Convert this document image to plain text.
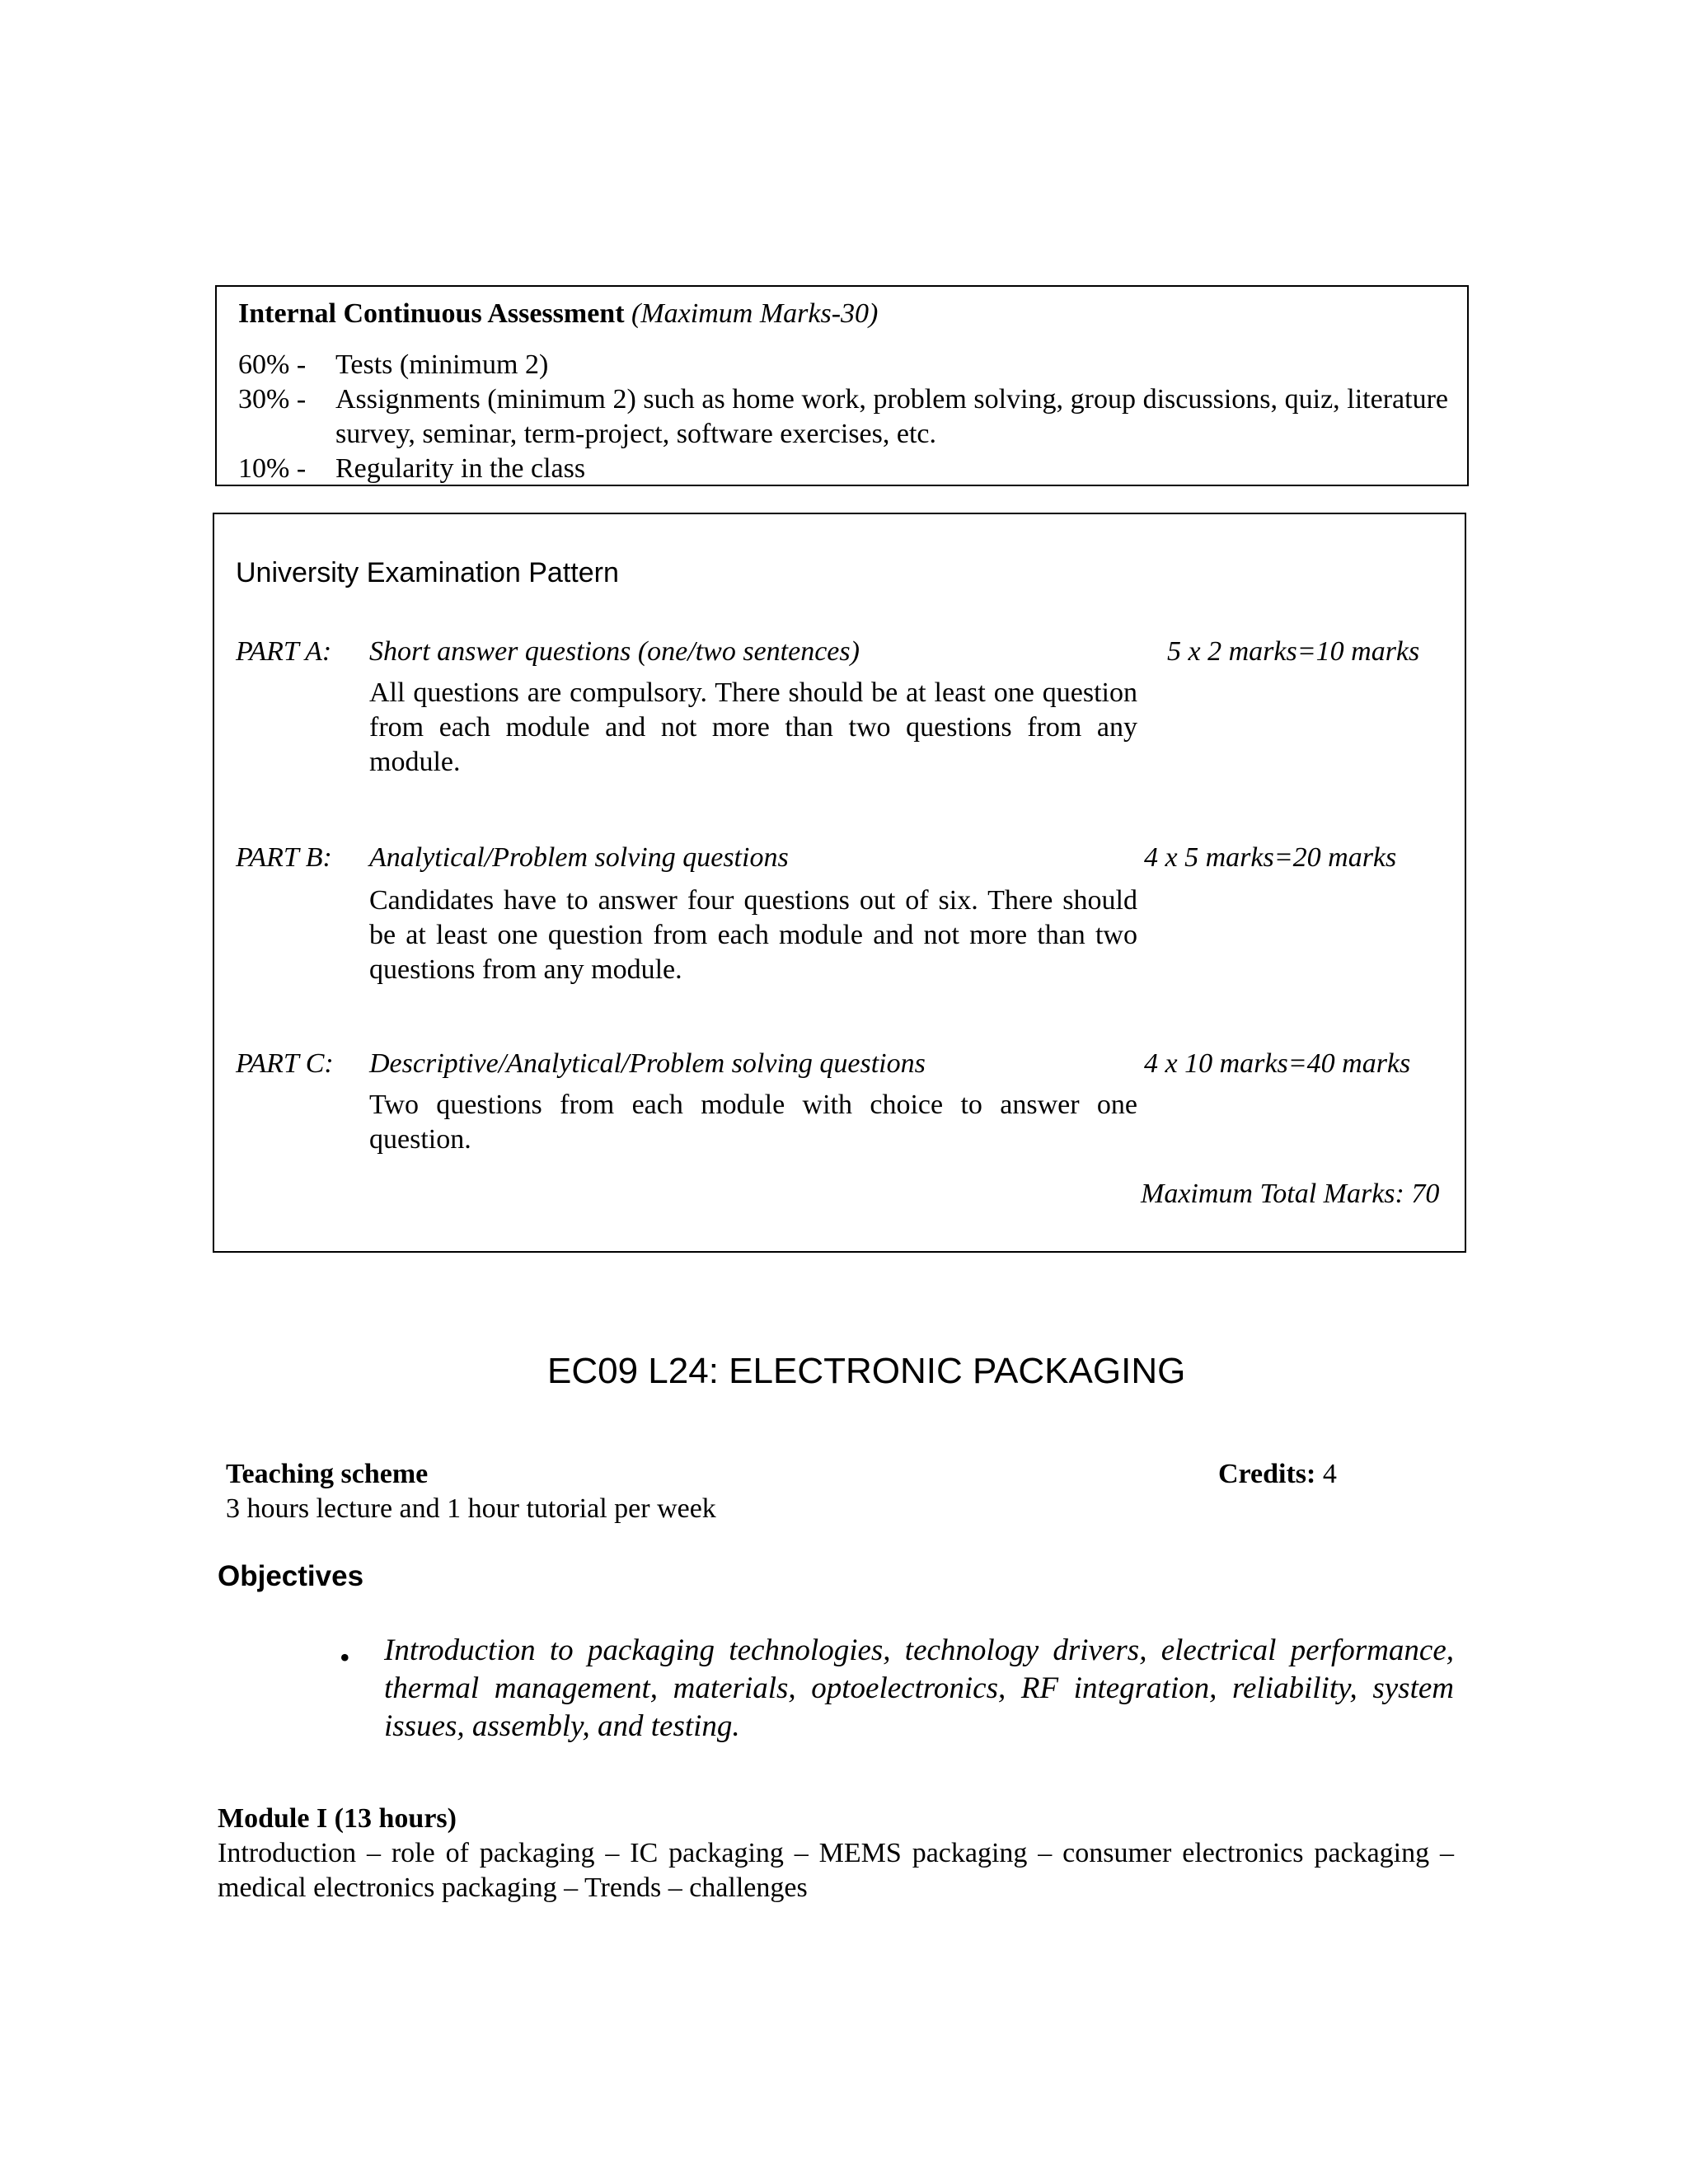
Internal Continuous Assessment (Maximum Marks-30)
60% - Tests (minimum 2)
30% - Assignments (minimum 2) such as home work, problem solving, group discussions, quiz, literature survey, seminar, term-project, software exercises, etc.
10% - Regularity in the class
University Examination Pattern
PART A: Short answer questions (one/two sentences)	5 x 2 marks=10 marks
All questions are compulsory. There should be at least one question from each module and not more than two questions from any module.
PART B: Analytical/Problem solving questions	4 x 5 marks=20 marks
Candidates have to answer four questions out of six. There should be at least one question from each module and not more than two questions from any module.
PART C: Descriptive/Analytical/Problem solving questions	4 x 10 marks=40 marks
Two questions from each module with choice to answer one question.
Maximum Total Marks: 70
EC09 L24: ELECTRONIC PACKAGING
Teaching scheme	Credits: 4
3 hours lecture and 1 hour tutorial per week
Objectives
• Introduction to packaging technologies, technology drivers, electrical performance, thermal management, materials, optoelectronics, RF integration, reliability, system issues, assembly, and testing.
Module I (13 hours)
Introduction – role of packaging – IC packaging – MEMS packaging – consumer electronics packaging – medical electronics packaging – Trends – challenges
